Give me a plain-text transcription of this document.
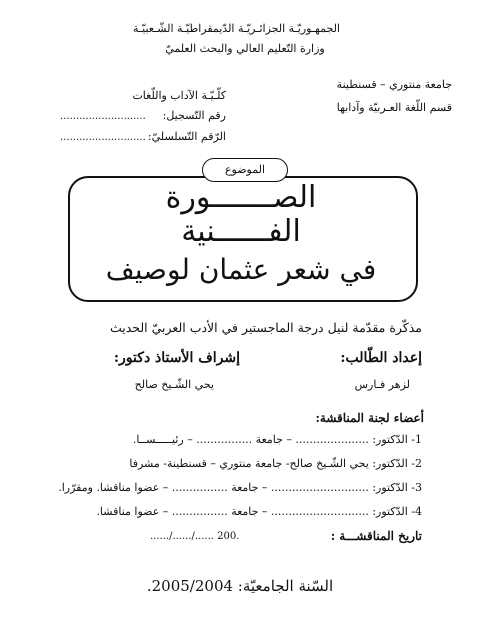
الجمهـوريّـة الجزائـريّـة الدّيمقراطيّـة الشّـعبيّـة
وزارة التّعليم العالي والبحث العلميّ
جامعة منتوري – قسنطينة
قسم اللّغة العـربيّة وآدابها
كلّـيّـة الآداب واللّغات
رقم التّسجيل:
...........................
الرّقم التّسلسليّ:
...........................
الموضوع
الصـــــــورة
الفــــــنية
في شعر عثمان لوصيف
مذكّرة مقدّمة لنيل درجة الماجستير في الأدب العربيّ الحديث
إعداد الطّالب:
إشراف الأستاذ دكتور:
لزهر فـارس
يحي الشّـيخ صالح
أعضاء لجنة المناقشة:
1- الدّكتور: ..................... – جامعة ................ – رئيـــــســا.
2- الدّكتور: يحي الشّـيخ صالح- جامعة منتوري – قسنطينة- مشرفا
3- الدّكتور: ............................ – جامعة ................ – عضوا مناقشا. ومقرّرا.
4- الدّكتور: ............................ – جامعة ................ – عضوا مناقشا.
تاريخ المناقشـــة :
....../....../...... 200.
السّنة الجامعيّة: 2005/2004.
